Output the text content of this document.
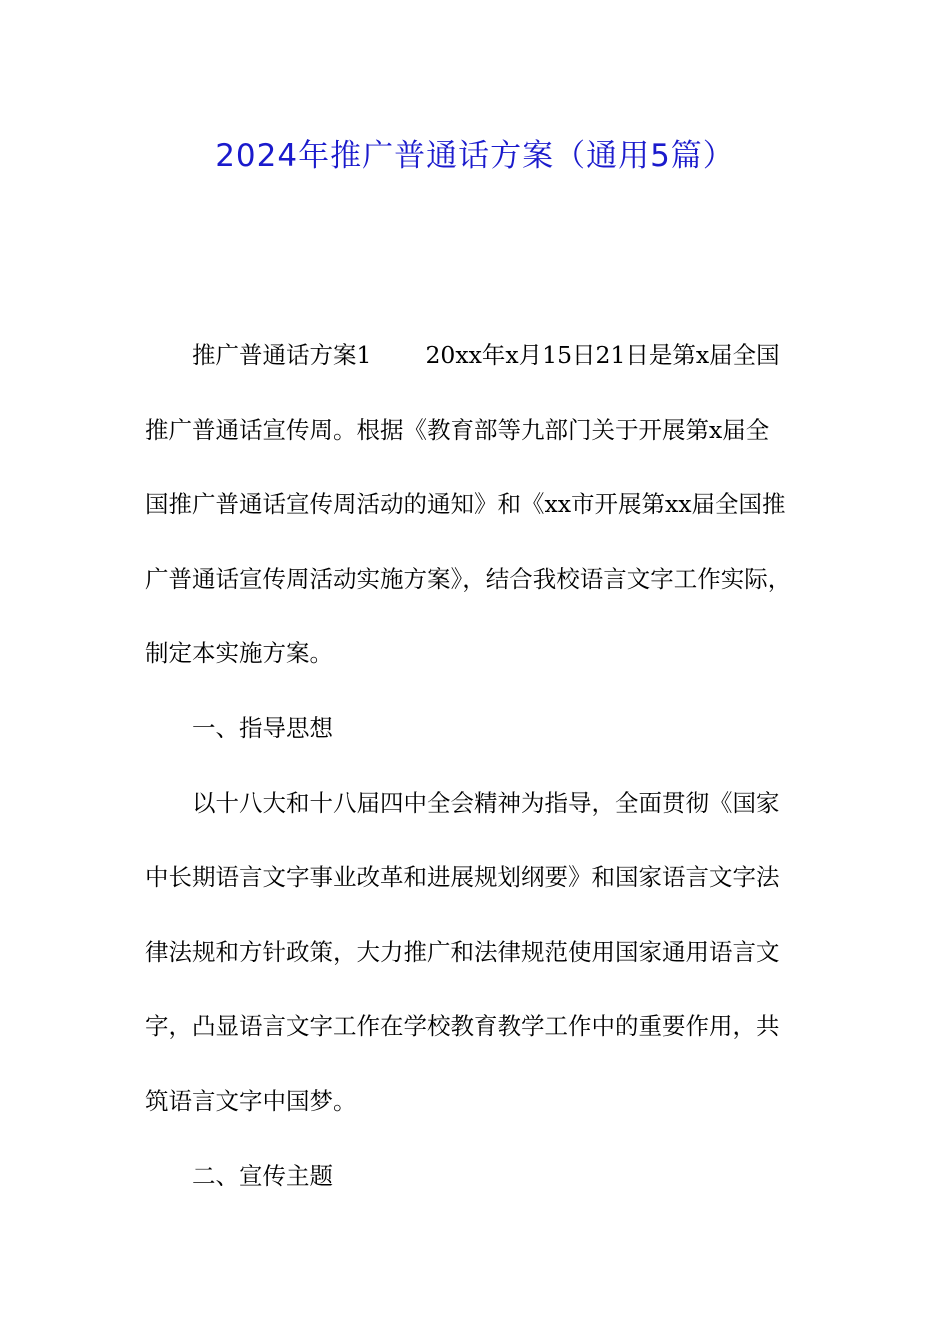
2024年推广普通话方案（通用5篇）
推广普通话方案1 20xx年x月15日21日是第x届全国
推广普通话宣传周。根据《教育部等九部门关于开展第x届全
国推广普通话宣传周活动的通知》和《xx市开展第xx届全国推
广普通话宣传周活动实施方案》，结合我校语言文字工作实际，
制定本实施方案。
一、指导思想
以十八大和十八届四中全会精神为指导，全面贯彻《国家
中长期语言文字事业改革和进展规划纲要》和国家语言文字法
律法规和方针政策，大力推广和法律规范使用国家通用语言文
字，凸显语言文字工作在学校教育教学工作中的重要作用，共
筑语言文字中国梦。
二、宣传主题
